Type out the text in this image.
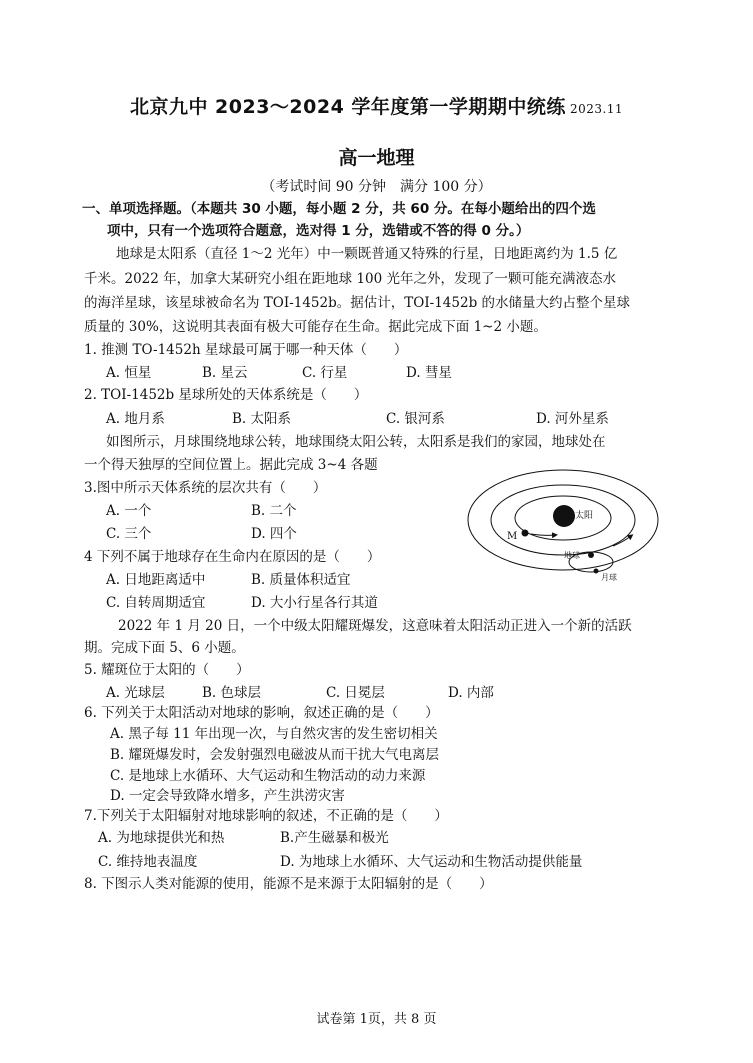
北京九中 2023～2024 学年度第一学期期中统练 2023.11
高一地理
（考试时间 90 分钟　满分 100 分）
一、单项选择题。（本题共 30 小题，每小题 2 分，共 60 分。在每小题给出的四个选
项中，只有一个选项符合题意，选对得 1 分，选错或不答的得 0 分。）
地球是太阳系（直径 1～2 光年）中一颗既普通又特殊的行星，日地距离约为 1.5 亿
千米。2022 年，加拿大某研究小组在距地球 100 光年之外，发现了一颗可能充满液态水
的海洋星球，该星球被命名为 TOI-1452b。据估计，TOI-1452b 的水储量大约占整个星球
质量的 30%，这说明其表面有极大可能存在生命。据此完成下面 1~2 小题。
1. 推测 TO-1452h 星球最可属于哪一种天体（　　）
A. 恒星	B. 星云	C. 行星	D. 彗星
2. TOI-1452b 星球所处的天体系统是（　　）
A. 地月系	B. 太阳系	C. 银河系	D. 河外星系
如图所示，月球围绕地球公转，地球围绕太阳公转，太阳系是我们的家园，地球处在
一个得天独厚的空间位置上。据此完成 3~4 各题
3.图中所示天体系统的层次共有（　　）
A. 一个	B. 二个
C. 三个	D. 四个
4 下列不属于地球存在生命内在原因的是（　　）
A. 日地距离适中	B. 质量体积适宜
C. 自转周期适宜	D. 大小行星各行其道
太阳
M
地球
月球
2022 年 1 月 20 日，一个中级太阳耀斑爆发，这意味着太阳活动正进入一个新的活跃
期。完成下面 5、6 小题。
5. 耀斑位于太阳的（　　）
A. 光球层	B. 色球层	C. 日冕层	D. 内部
6. 下列关于太阳活动对地球的影响，叙述正确的是（　　）
A. 黑子每 11 年出现一次，与自然灾害的发生密切相关
B. 耀斑爆发时，会发射强烈电磁波从而干扰大气电离层
C. 是地球上水循环、大气运动和生物活动的动力来源
D. 一定会导致降水增多，产生洪涝灾害
7.下列关于太阳辐射对地球影响的叙述，不正确的是（　　）
A. 为地球提供光和热	B.产生磁暴和极光
C. 维持地表温度	D. 为地球上水循环、大气运动和生物活动提供能量
8. 下图示人类对能源的使用，能源不是来源于太阳辐射的是（　　）
试卷第 1页，共 8 页
